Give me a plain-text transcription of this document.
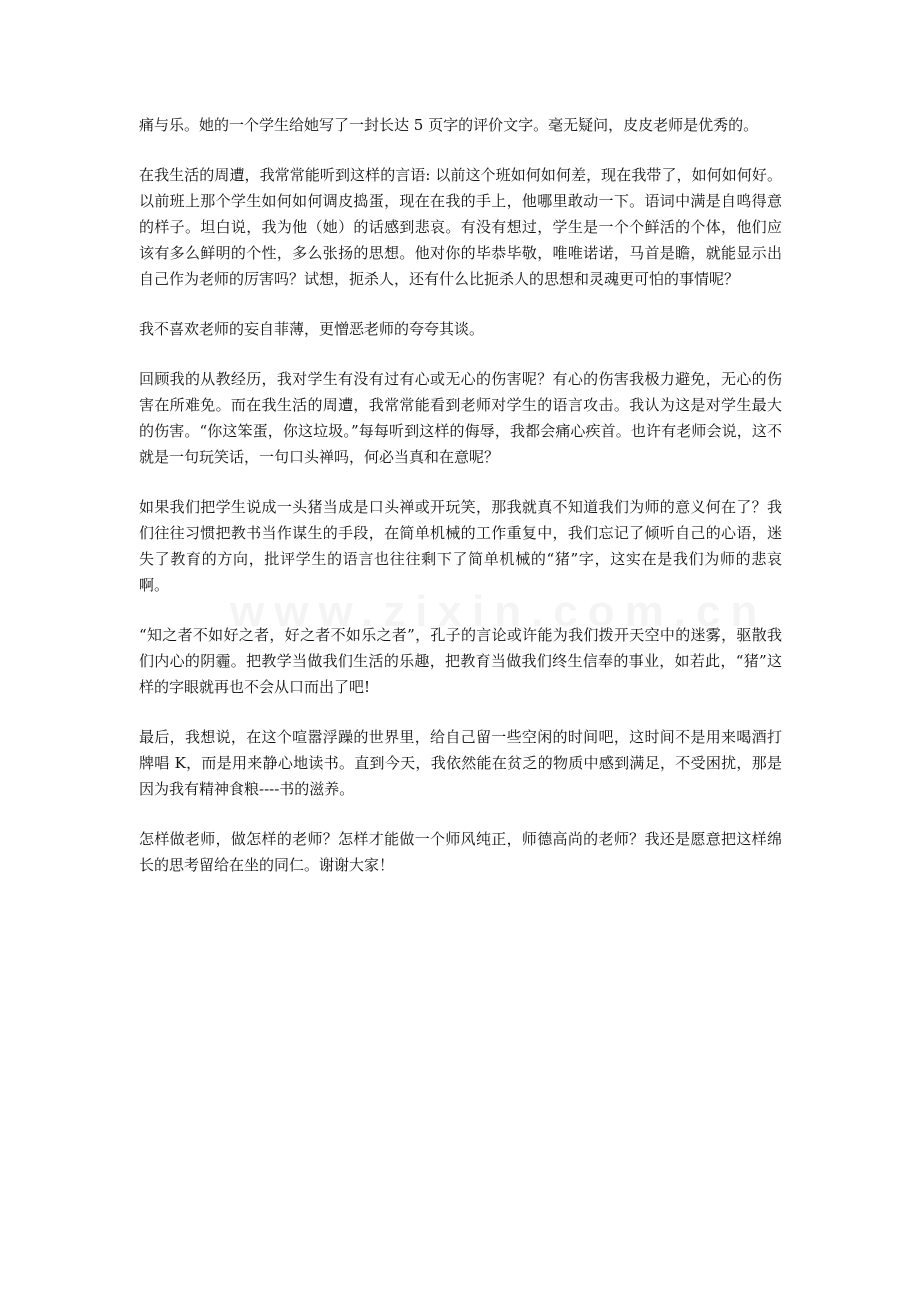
痛与乐。她的一个学生给她写了一封长达 5 页字的评价文字。毫无疑问，皮皮老师是优秀的。

在我生活的周遭，我常常能听到这样的言语: 以前这个班如何如何差，现在我带了，如何如何好。以前班上那个学生如何如何调皮捣蛋，现在在我的手上，他哪里敢动一下。语词中满是自鸣得意的样子。坦白说，我为他（她）的话感到悲哀。有没有想过，学生是一个个鲜活的个体，他们应该有多么鲜明的个性，多么张扬的思想。他对你的毕恭毕敬，唯唯诺诺，马首是瞻，就能显示出自己作为老师的厉害吗？试想，扼杀人，还有什么比扼杀人的思想和灵魂更可怕的事情呢？

我不喜欢老师的妄自菲薄，更憎恶老师的夸夸其谈。

回顾我的从教经历，我对学生有没有过有心或无心的伤害呢？有心的伤害我极力避免，无心的伤害在所难免。而在我生活的周遭，我常常能看到老师对学生的语言攻击。我认为这是对学生最大的伤害。“你这笨蛋，你这垃圾。”每每听到这样的侮辱，我都会痛心疾首。也许有老师会说，这不就是一句玩笑话，一句口头禅吗，何必当真和在意呢？

如果我们把学生说成一头猪当成是口头禅或开玩笑，那我就真不知道我们为师的意义何在了？我们往往习惯把教书当作谋生的手段，在简单机械的工作重复中，我们忘记了倾听自己的心语，迷失了教育的方向，批评学生的语言也往往剩下了简单机械的“猪”字，这实在是我们为师的悲哀啊。

“知之者不如好之者，好之者不如乐之者”，孔子的言论或许能为我们拨开天空中的迷雾，驱散我们内心的阴霾。把教学当做我们生活的乐趣，把教育当做我们终生信奉的事业，如若此，“猪”这样的字眼就再也不会从口而出了吧!

最后，我想说，在这个喧嚣浮躁的世界里，给自己留一些空闲的时间吧，这时间不是用来喝酒打牌唱 K，而是用来静心地读书。直到今天，我依然能在贫乏的物质中感到满足，不受困扰，那是因为我有精神食粮----书的滋养。

怎样做老师，做怎样的老师？怎样才能做一个师风纯正，师德高尚的老师？我还是愿意把这样绵长的思考留给在坐的同仁。谢谢大家！
